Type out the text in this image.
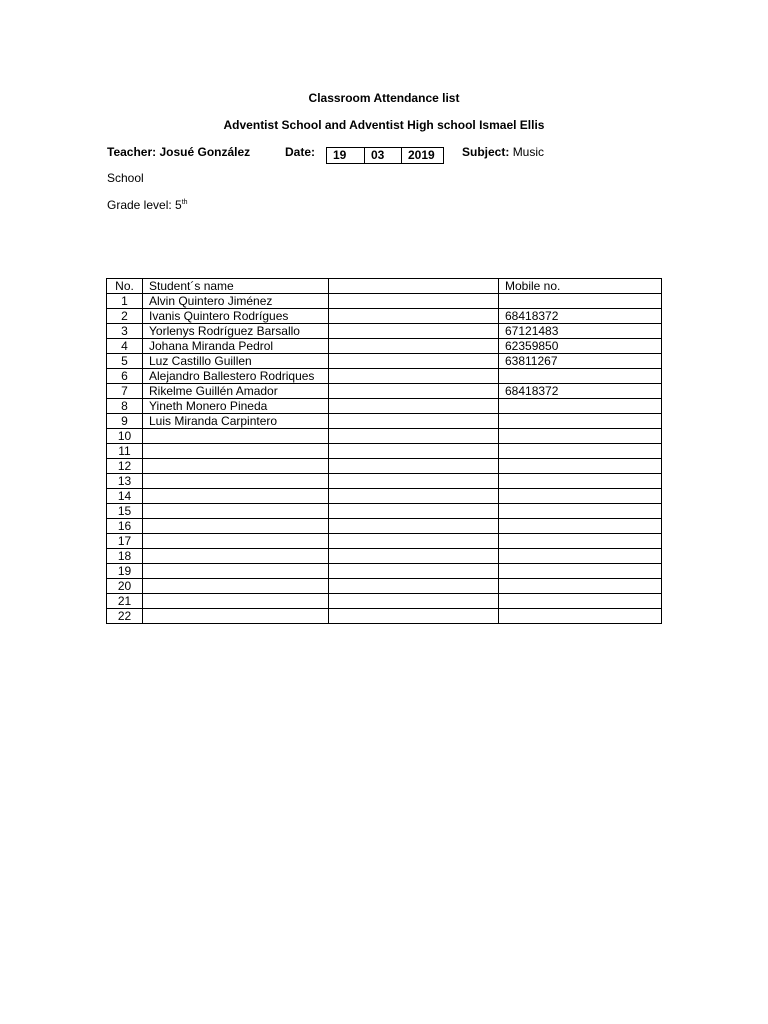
Classroom Attendance list
Adventist School and Adventist High school Ismael Ellis
Teacher: Josué González	Date:	19	03	2019	Subject: Music
School
Grade level: 5th
No.	Student´s name		Mobile no.
1	Alvin Quintero Jiménez		
2	Ivanis Quintero Rodrígues		68418372
3	Yorlenys Rodríguez Barsallo		67121483
4	Johana Miranda Pedrol		62359850
5	Luz Castillo Guillen		63811267
6	Alejandro Ballestero Rodriques		
7	Rikelme Guillén Amador		68418372
8	Yineth Monero Pineda		
9	Luis Miranda Carpintero		
10			
11			
12			
13			
14			
15			
16			
17			
18			
19			
20			
21			
22			
